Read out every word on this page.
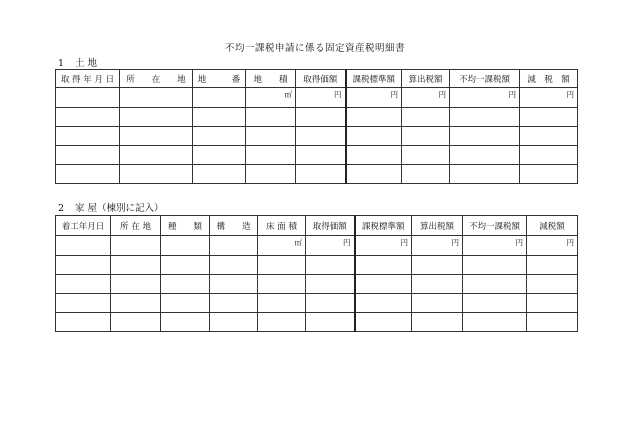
不均一課税申請に係る固定資産税明細書
1 土 地
取 得 年 月 日	所　　在　　地	地　　　番	地　　積	取得価額	課税標準額	算出税額	不均一課税額	減　税　額
			㎡	円	円	円	円	円

2 家 屋（棟別に記入）
着工年月日	所 在 地	種　　類	構　　造	床 面 積	取得価額	課税標準額	算出税額	不均一課税額	減税額
				㎡	円	円	円	円	円
